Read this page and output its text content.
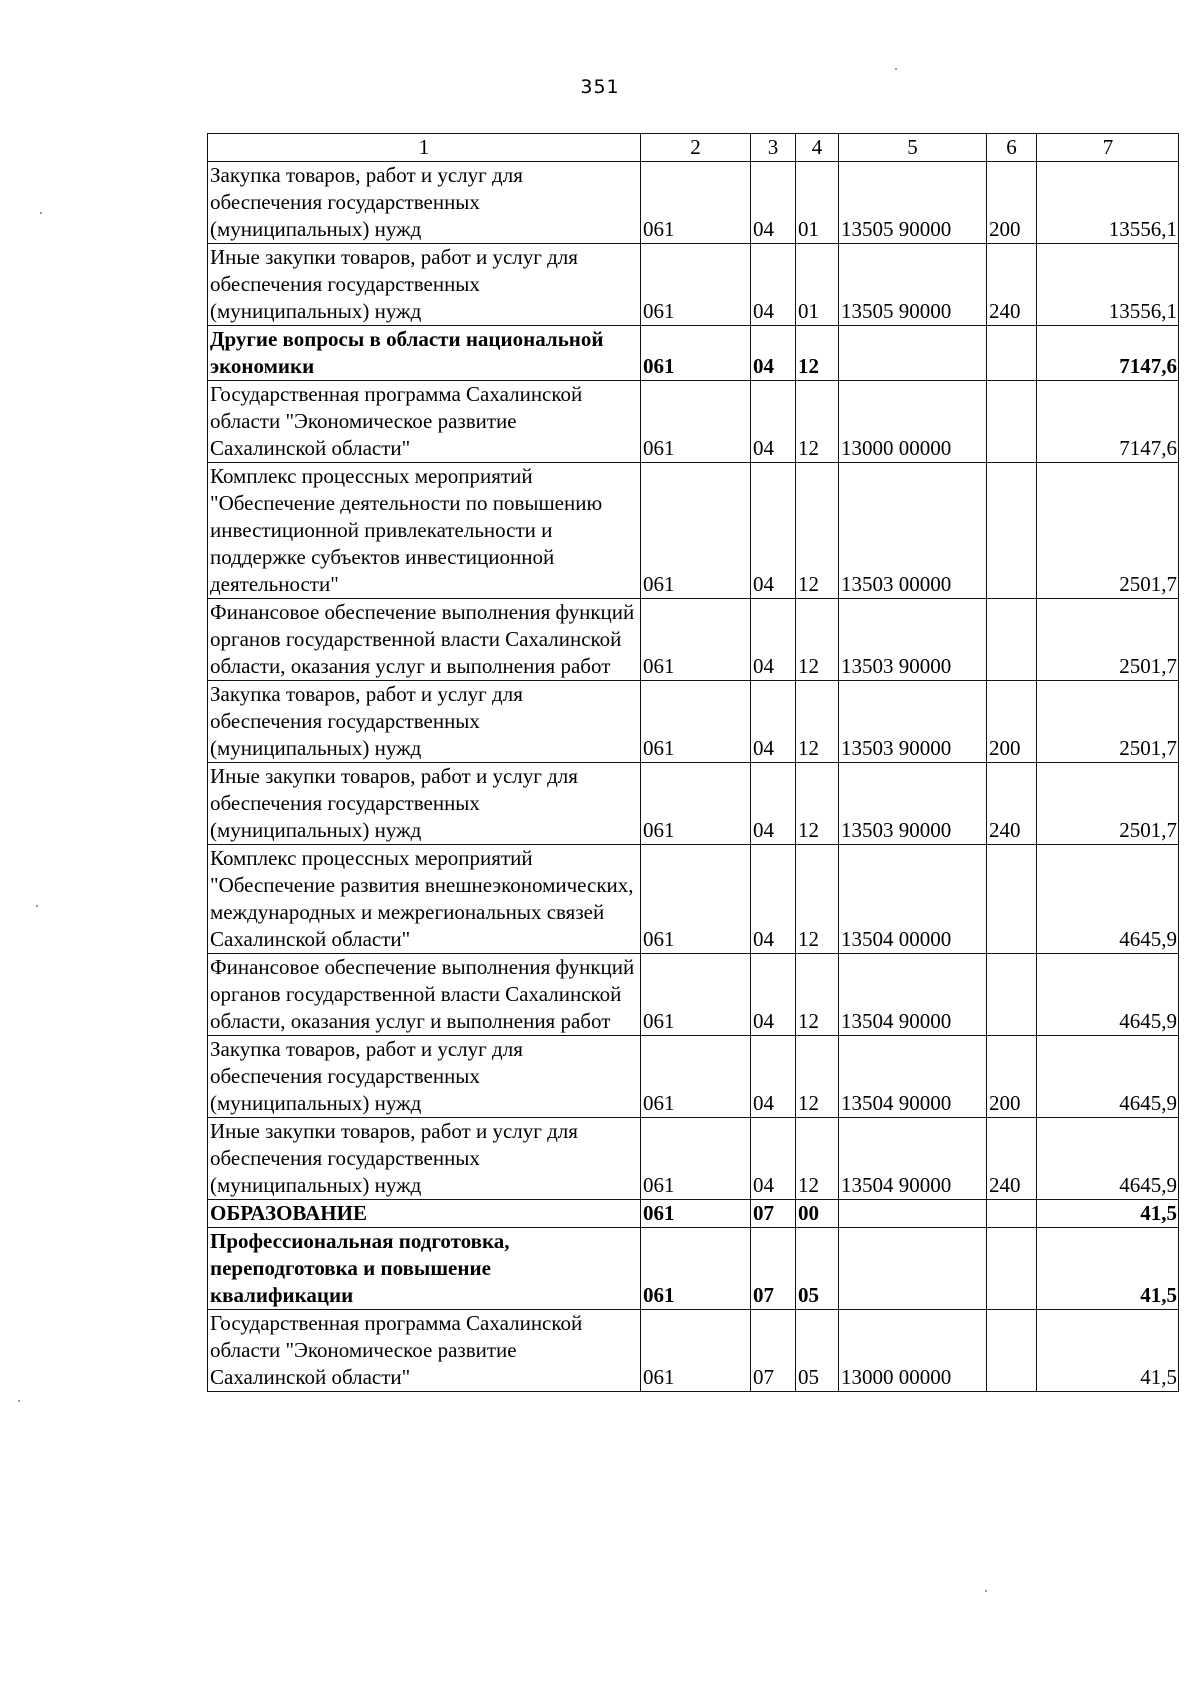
351
1	2	3	4	5	6	7
Закупка товаров, работ и услуг для обеспечения государственных (муниципальных) нужд	061	04	01	13505 90000	200	13556,1
Иные закупки товаров, работ и услуг для обеспечения государственных (муниципальных) нужд	061	04	01	13505 90000	240	13556,1
Другие вопросы в области национальной экономики	061	04	12			7147,6
Государственная программа Сахалинской области "Экономическое развитие Сахалинской области"	061	04	12	13000 00000		7147,6
Комплекс процессных мероприятий "Обеспечение деятельности по повышению инвестиционной привлекательности и поддержке субъектов инвестиционной деятельности"	061	04	12	13503 00000		2501,7
Финансовое обеспечение выполнения функций органов государственной власти Сахалинской области, оказания услуг и выполнения работ	061	04	12	13503 90000		2501,7
Закупка товаров, работ и услуг для обеспечения государственных (муниципальных) нужд	061	04	12	13503 90000	200	2501,7
Иные закупки товаров, работ и услуг для обеспечения государственных (муниципальных) нужд	061	04	12	13503 90000	240	2501,7
Комплекс процессных мероприятий "Обеспечение развития внешнеэкономических, международных и межрегиональных связей Сахалинской области"	061	04	12	13504 00000		4645,9
Финансовое обеспечение выполнения функций органов государственной власти Сахалинской области, оказания услуг и выполнения работ	061	04	12	13504 90000		4645,9
Закупка товаров, работ и услуг для обеспечения государственных (муниципальных) нужд	061	04	12	13504 90000	200	4645,9
Иные закупки товаров, работ и услуг для обеспечения государственных (муниципальных) нужд	061	04	12	13504 90000	240	4645,9
ОБРАЗОВАНИЕ	061	07	00			41,5
Профессиональная подготовка, переподготовка и повышение квалификации	061	07	05			41,5
Государственная программа Сахалинской области "Экономическое развитие Сахалинской области"	061	07	05	13000 00000		41,5
